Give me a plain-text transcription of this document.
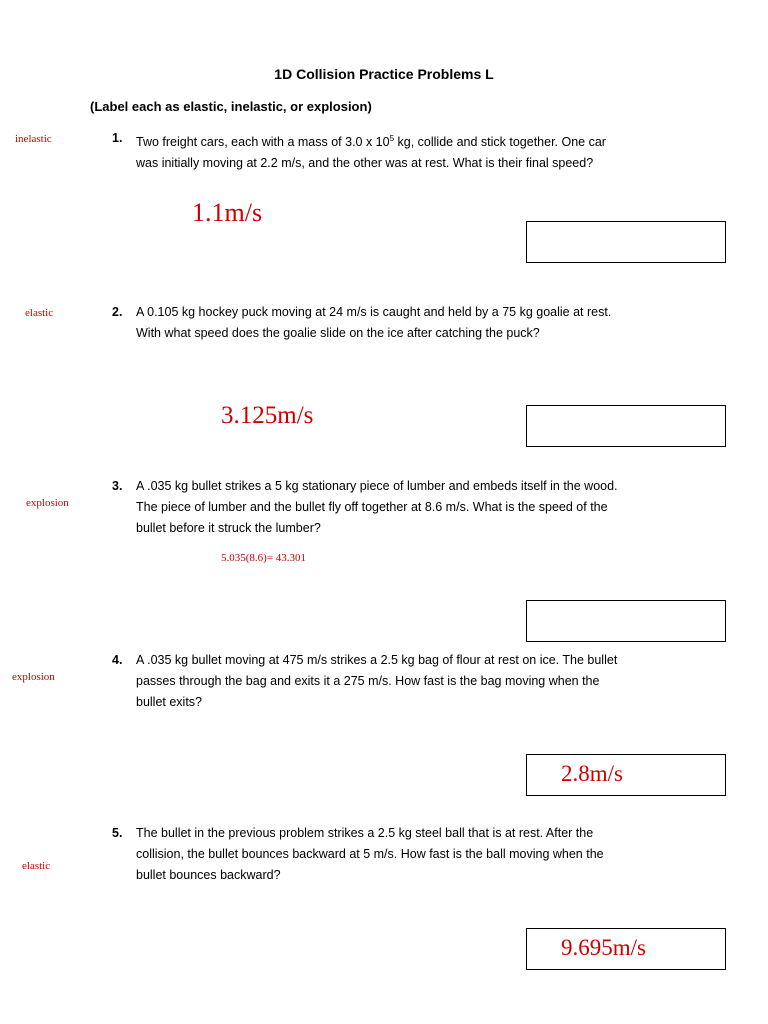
1D Collision Practice Problems L
(Label each as elastic, inelastic, or explosion)
inelastic	1. Two freight cars, each with a mass of 3.0 x $10^5$ kg, collide and stick together. One car
was initially moving at 2.2 m/s, and the other was at rest. What is their final speed?
1.1m/s
elastic	2. A 0.105 kg hockey puck moving at 24 m/s is caught and held by a 75 kg goalie at rest.
With what speed does the goalie slide on the ice after catching the puck?
3.125m/s
explosion
3. A .035 kg bullet strikes a 5 kg stationary piece of lumber and embeds itself in the wood.
The piece of lumber and the bullet fly off together at 8.6 m/s. What is the speed of the
bullet before it struck the lumber?
5.035(8.6)= 43.301
explosion
4. A .035 kg bullet moving at 475 m/s strikes a 2.5 kg bag of flour at rest on ice. The bullet
passes through the bag and exits it a 275 m/s. How fast is the bag moving when the
bullet exits?
2.8m/s
elastic
5. The bullet in the previous problem strikes a 2.5 kg steel ball that is at rest. After the
collision, the bullet bounces backward at 5 m/s. How fast is the ball moving when the
bullet bounces backward?
9.695m/s
